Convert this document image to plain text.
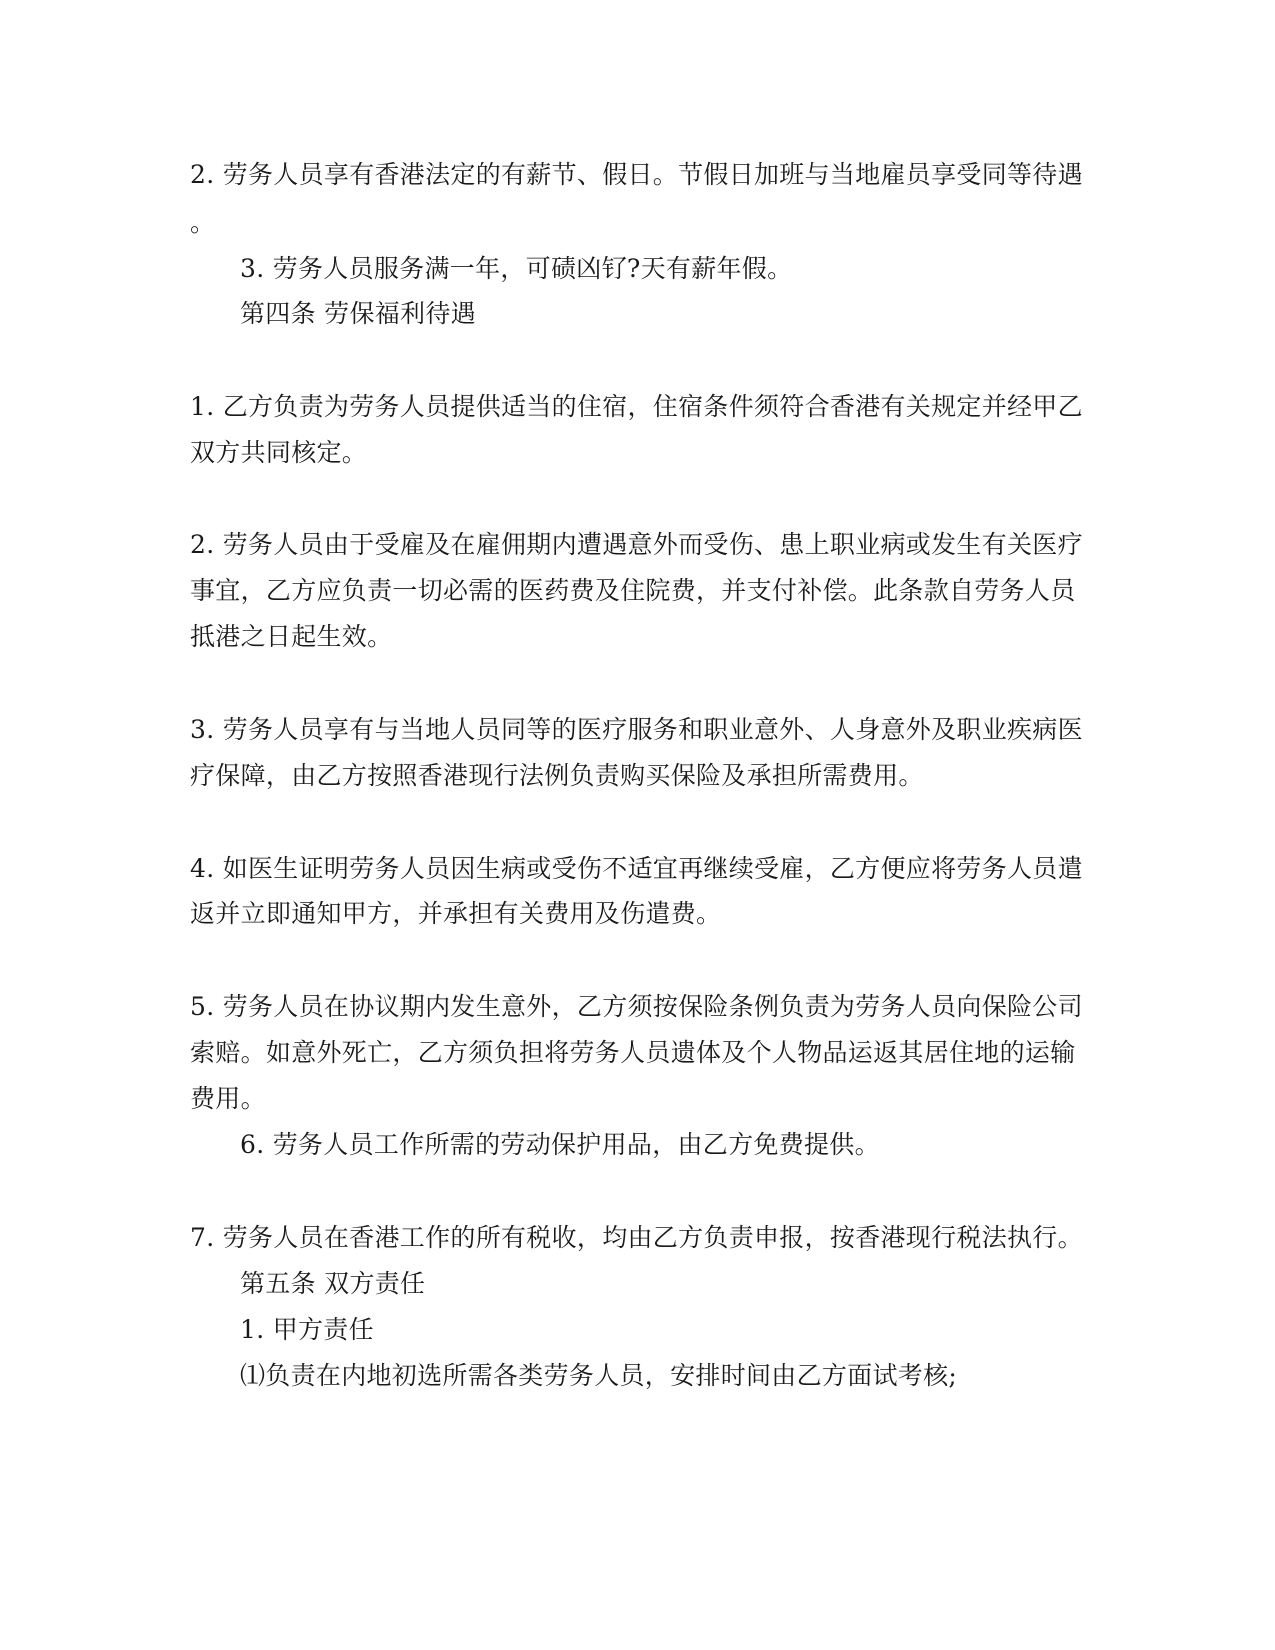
2. 劳务人员享有香港法定的有薪节、假日。节假日加班与当地雇员享受同等待遇

。

3. 劳务人员服务满一年，可碛凶钌?天有薪年假。

第四条 劳保福利待遇

1. 乙方负责为劳务人员提供适当的住宿，住宿条件须符合香港有关规定并经甲乙

双方共同核定。

2. 劳务人员由于受雇及在雇佣期内遭遇意外而受伤、患上职业病或发生有关医疗

事宜，乙方应负责一切必需的医药费及住院费，并支付补偿。此条款自劳务人员

抵港之日起生效。

3. 劳务人员享有与当地人员同等的医疗服务和职业意外、人身意外及职业疾病医

疗保障，由乙方按照香港现行法例负责购买保险及承担所需费用。

4. 如医生证明劳务人员因生病或受伤不适宜再继续受雇，乙方便应将劳务人员遣

返并立即通知甲方，并承担有关费用及伤遣费。

5. 劳务人员在协议期内发生意外，乙方须按保险条例负责为劳务人员向保险公司

索赔。如意外死亡，乙方须负担将劳务人员遗体及个人物品运返其居住地的运输

费用。

6. 劳务人员工作所需的劳动保护用品，由乙方免费提供。

7. 劳务人员在香港工作的所有税收，均由乙方负责申报，按香港现行税法执行。

第五条 双方责任

1. 甲方责任

⑴负责在内地初选所需各类劳务人员，安排时间由乙方面试考核;
